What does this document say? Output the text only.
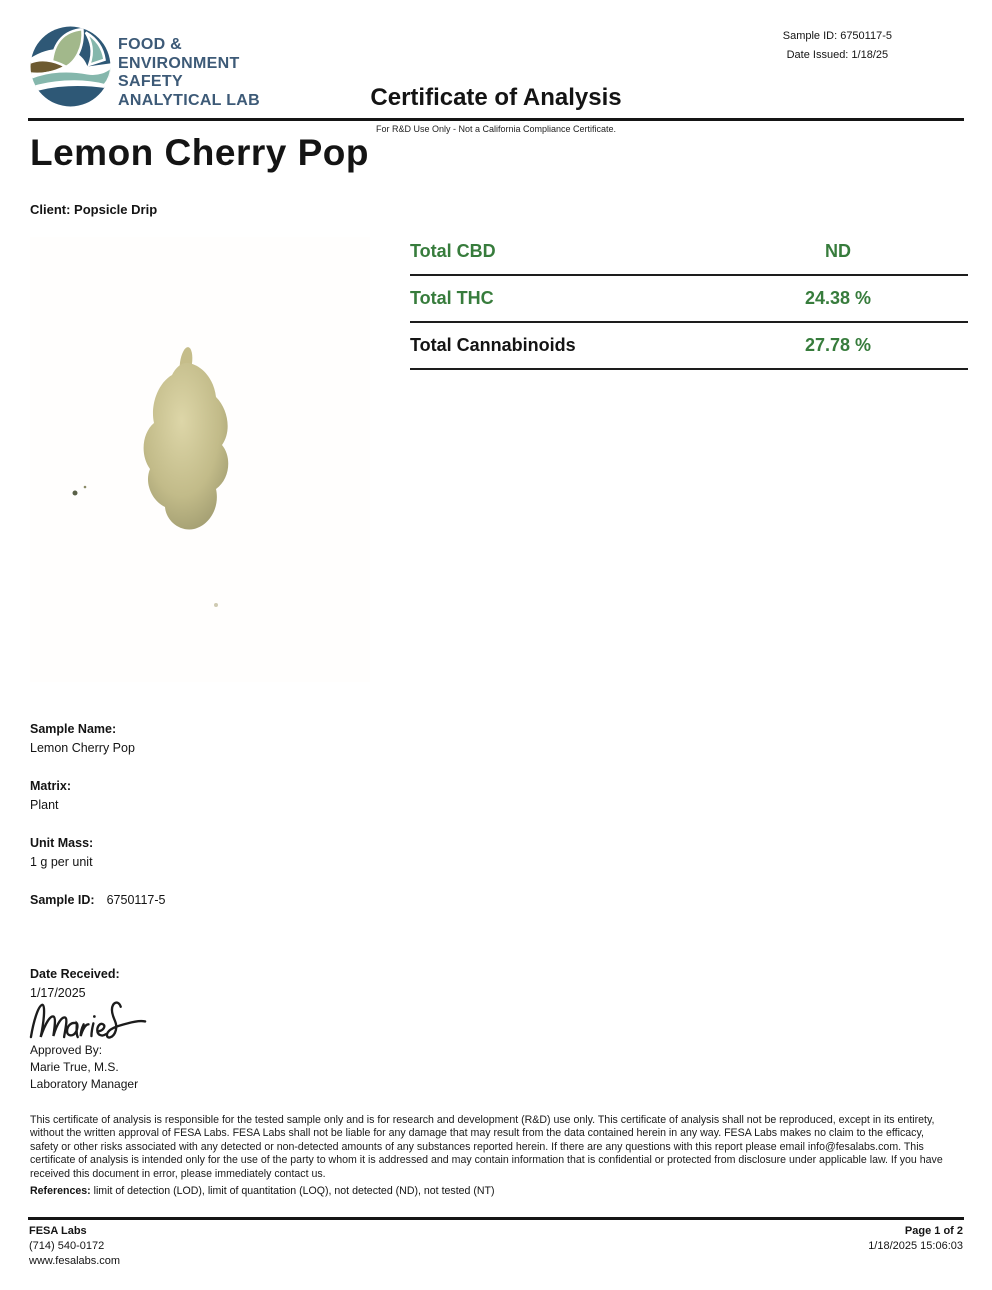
FOOD &
ENVIRONMENT
SAFETY
ANALYTICAL LAB
Sample ID: 6750117-5
Date Issued: 1/18/25
Certificate of Analysis
For R&D Use Only - Not a California Compliance Certificate.
Lemon Cherry Pop
Client: Popsicle Drip
Total CBD	ND
Total THC	24.38 %
Total Cannabinoids	27.78 %
Sample Name:
Lemon Cherry Pop
Matrix:
Plant
Unit Mass:
1 g per unit
Sample ID: 6750117-5
Date Received:
1/17/2025
Approved By:
Marie True, M.S.
Laboratory Manager
This certificate of analysis is responsible for the tested sample only and is for research and development (R&D) use only. This certificate of analysis shall not be reproduced, except in its entirety, without the written approval of FESA Labs. FESA Labs shall not be liable for any damage that may result from the data contained herein in any way. FESA Labs makes no claim to the efficacy, safety or other risks associated with any detected or non-detected amounts of any substances reported herein. If there are any questions with this report please email info@fesalabs.com. This certificate of analysis is intended only for the use of the party to whom it is addressed and may contain information that is confidential or protected from disclosure under applicable law. If you have received this document in error, please immediately contact us.
References: limit of detection (LOD), limit of quantitation (LOQ), not detected (ND), not tested (NT)
FESA Labs
(714) 540-0172
www.fesalabs.com
Page 1 of 2
1/18/2025 15:06:03
